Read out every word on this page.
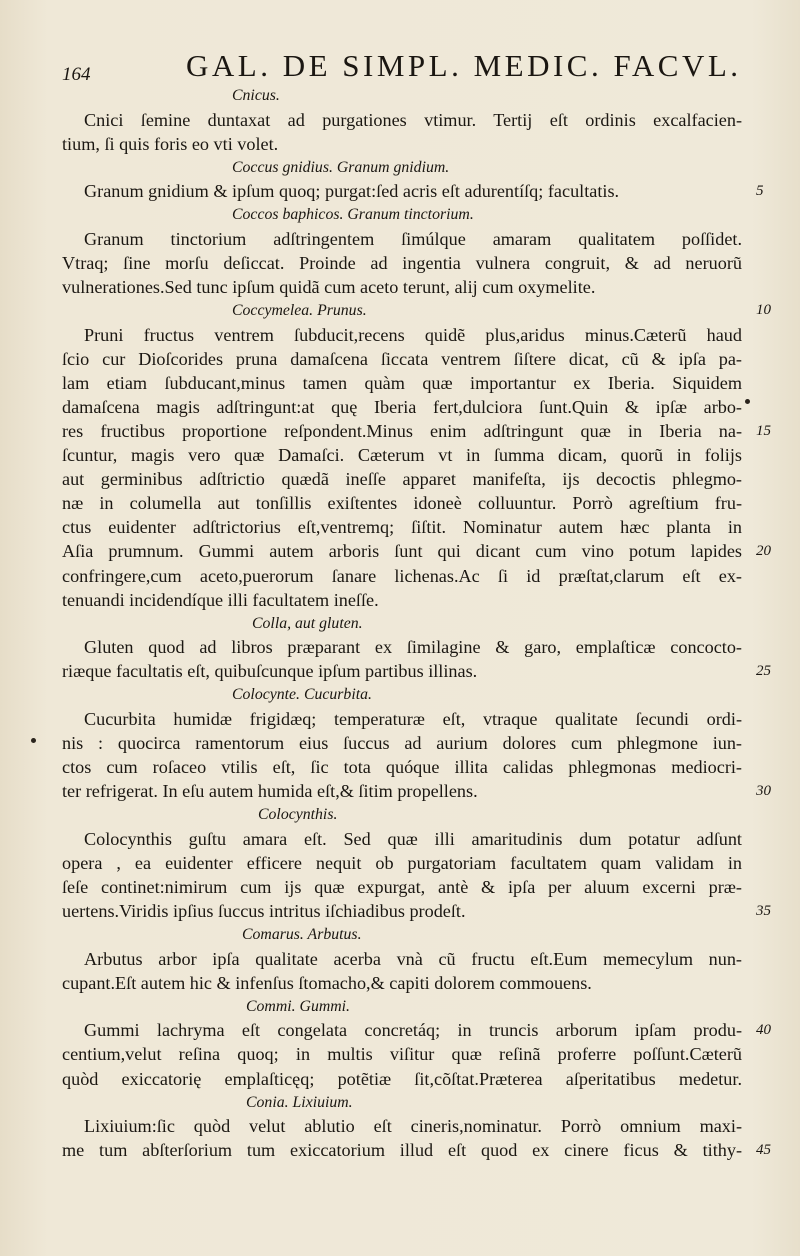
164	GAL. DE SIMPL. MEDIC. FACVL.
Cnicus.
Cnici ſemine duntaxat ad purgationes vtimur. Tertij eſt ordinis excalfacien-
tium, ſi quis foris eo vti volet.
Coccus gnidius. Granum gnidium.
Granum gnidium & ipſum quoq; purgat:ſed acris eſt adurentíſq; facultatis.	5
Coccos baphicos. Granum tinctorium.
Granum tinctorium adſtringentem ſimúlque amaram qualitatem poſſidet.
Vtraq; ſine morſu deſiccat. Proinde ad ingentia vulnera congruit, & ad neruorũ
vulnerationes.Sed tunc ipſum quidã cum aceto terunt, alij cum oxymelite.
Coccymelea. Prunus.	10
Pruni fructus ventrem ſubducit,recens quidẽ plus,aridus minus.Cæterũ haud
ſcio cur Dioſcorides pruna damaſcena ſiccata ventrem ſiſtere dicat, cũ & ipſa pa-
lam etiam ſubducant,minus tamen quàm quæ importantur ex Iberia. Siquidem
damaſcena magis adſtringunt:at quę Iberia fert,dulciora ſunt.Quin & ipſæ arbo-
res fructibus proportione reſpondent.Minus enim adſtringunt quæ in Iberia na- 15
ſcuntur, magis vero quæ Damaſci. Cæterum vt in ſumma dicam, quorũ in folijs
aut germinibus adſtrictio quædã ineſſe apparet manifeſta, ijs decoctis phlegmo-
næ in columella aut tonſillis exiſtentes idoneè colluuntur. Porrò agreſtium fru-
ctus euidenter adſtrictorius eſt,ventremq; ſiſtit. Nominatur autem hæc planta in
Aſia prumnum. Gummi autem arboris ſunt qui dicant cum vino potum lapides 20
confringere,cum aceto,puerorum ſanare lichenas.Ac ſi id præſtat,clarum eſt ex-
tenuandi incidendíque illi facultatem ineſſe.
Colla, aut gluten.
Gluten quod ad libros præparant ex ſimilagine & garo, emplaſticæ concocto-
riæque facultatis eſt, quibuſcunque ipſum partibus illinas.	25
Colocynte. Cucurbita.
Cucurbita humidæ frigidæq; temperaturæ eſt, vtraque qualitate ſecundi ordi-
nis : quocirca ramentorum eius ſuccus ad aurium dolores cum phlegmone iun-
ctos cum roſaceo vtilis eſt, ſic tota quóque illita calidas phlegmonas mediocri-
ter refrigerat. In eſu autem humida eſt,& ſitim propellens.	30
Colocynthis.
Colocynthis guſtu amara eſt. Sed quæ illi amaritudinis dum potatur adſunt
opera , ea euidenter efficere nequit ob purgatoriam facultatem quam validam in
ſeſe continet:nimirum cum ijs quæ expurgat, antè & ipſa per aluum excerni præ-
uertens.Viridis ipſius ſuccus intritus iſchiadibus prodeſt.	35
Comarus. Arbutus.
Arbutus arbor ipſa qualitate acerba vnà cũ fructu eſt.Eum memecylum nun-
cupant.Eſt autem hic & infenſus ſtomacho,& capiti dolorem commouens.
Commi. Gummi.
Gummi lachryma eſt congelata concretáq; in truncis arborum ipſam produ- 40
centium,velut reſina quoq; in multis viſitur quæ reſinã proferre poſſunt.Cæterũ
quòd exiccatorię emplaſticęq; potẽtiæ ſit,cõſtat.Præterea aſperitatibus medetur.
Conia. Lixiuium.
Lixiuium:ſic quòd velut ablutio eſt cineris,nominatur. Porrò omnium maxi-
me tum abſterſorium tum exiccatorium illud eſt quod ex cinere ficus & tithy- 45
